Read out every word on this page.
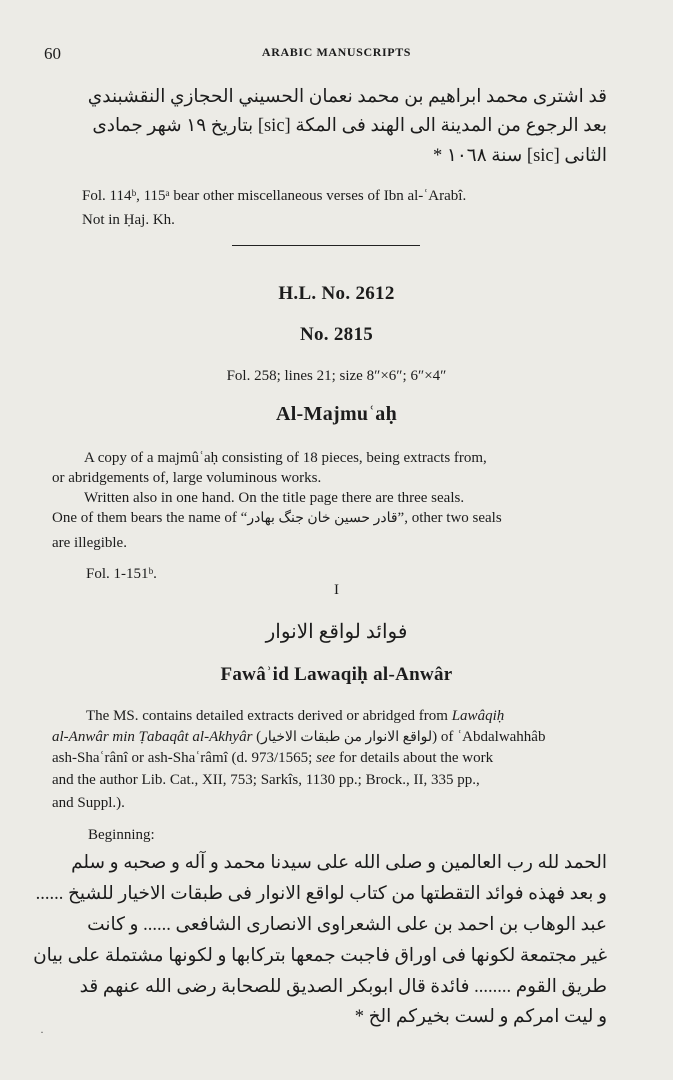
60	ARABIC MANUSCRIPTS
قد اشترى محمد ابراهيم بن محمد نعمان الحسيني الحجازي النقشبندي
بعد الرجوع من المدينة الى الهند فى المكة [sic] بتاريخ ١٩ شهر جمادى
الثانى [sic] سنة ١٠٦٨ *
Fol. 114ᵇ, 115ᵃ bear other miscellaneous verses of Ibn al-ʿArabî.
Not in Ḥaj. Kh.
H.L. No. 2612
No. 2815
Fol. 258; lines 21; size 8″×6″; 6″×4″
Al-Majmuʿaḥ
A copy of a majmûʿaḥ consisting of 18 pieces, being extracts from,
or abridgements of, large voluminous works.
Written also in one hand. On the title page there are three seals.
One of them bears the name of “قادر حسين خان جنگ بهادر”, other two seals
are illegible.
Fol. 1-151ᵇ.
I
فوائد لواقع الانوار
Fawâʾid Lawaqiḥ al-Anwâr
The MS. contains detailed extracts derived or abridged from Lawâqiḥ
al-Anwâr min Ṭabaqât al-Akhyâr (لواقع الانوار من طبقات الاخيار) of ʿAbdalwahhâb
ash-Shaʿrânî or ash-Shaʿrâmî (d. 973/1565; see for details about the work
and the author Lib. Cat., XII, 753; Sarkîs, 1130 pp.; Brock., II, 335 pp.,
and Suppl.).
Beginning:
الحمد لله رب العالمين و صلى الله على سيدنا محمد و آله و صحبه و سلم
و بعد فهذه فوائد التقطتها من كتاب لواقع الانوار فى طبقات الاخيار للشيخ ......
عبد الوهاب بن احمد بن على الشعراوى الانصارى الشافعى ...... و كانت
غير مجتمعة لكونها فى اوراق فاجبت جمعها بتركابها و لكونها مشتملة على بيان
طريق القوم ........ فائدة قال ابوبكر الصديق للصحابة رضى الله عنهم قد
و ليت امركم و لست بخيركم الخ *
·
